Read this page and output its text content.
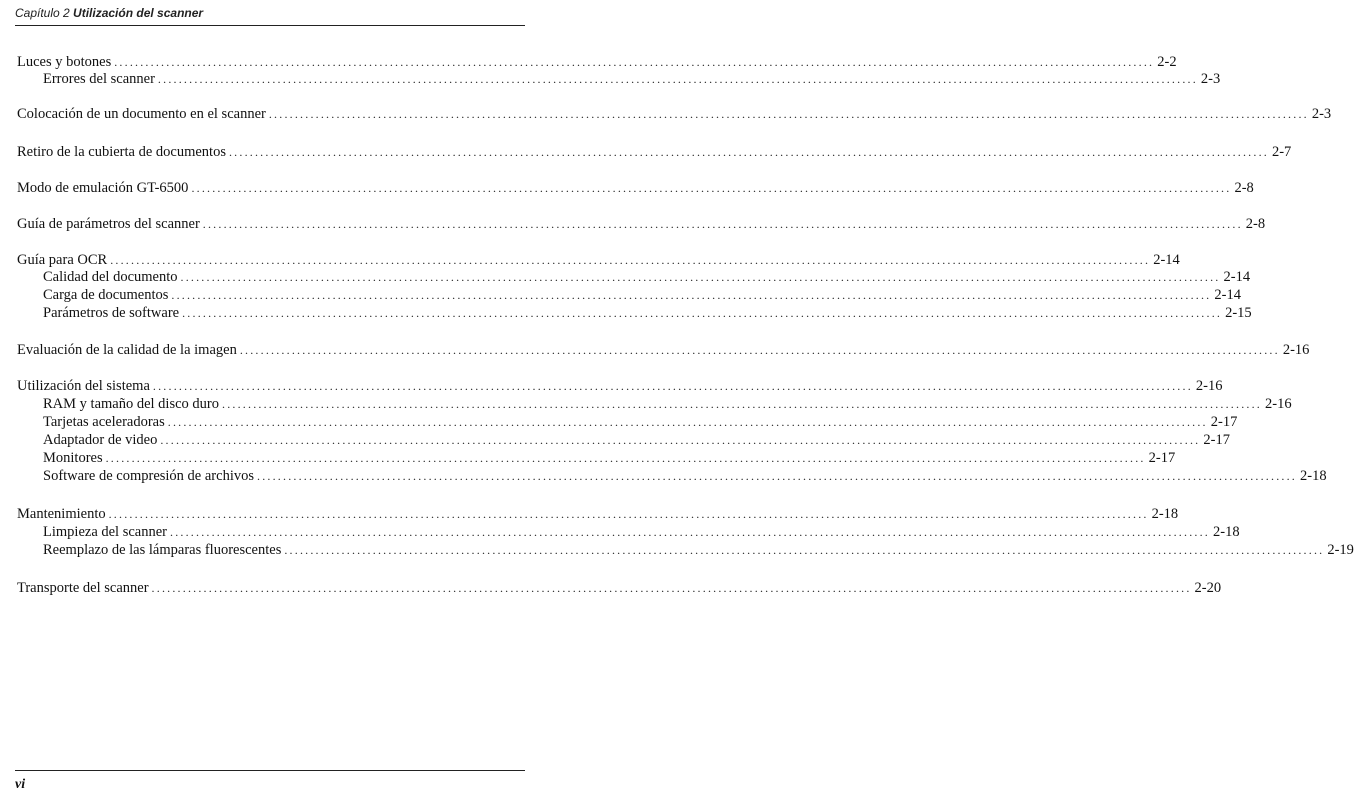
Capítulo 2 Utilización del scanner
Luces y botones ........................................................................................................................................................................................................ 2-2
Errores del scanner ........................................................................................................................................................................................................ 2-3
Colocación de un documento en el scanner ........................................................................................................................................................................................................ 2-3
Retiro de la cubierta de documentos ........................................................................................................................................................................................................ 2-7
Modo de emulación GT-6500 ........................................................................................................................................................................................................ 2-8
Guía de parámetros del scanner ........................................................................................................................................................................................................ 2-8
Guía para OCR ........................................................................................................................................................................................................ 2-14
Calidad del documento ........................................................................................................................................................................................................ 2-14
Carga de documentos ........................................................................................................................................................................................................ 2-14
Parámetros de software ........................................................................................................................................................................................................ 2-15
Evaluación de la calidad de la imagen ........................................................................................................................................................................................................ 2-16
Utilización del sistema ........................................................................................................................................................................................................ 2-16
RAM y tamaño del disco duro ........................................................................................................................................................................................................ 2-16
Tarjetas aceleradoras ........................................................................................................................................................................................................ 2-17
Adaptador de video ........................................................................................................................................................................................................ 2-17
Monitores ........................................................................................................................................................................................................ 2-17
Software de compresión de archivos ........................................................................................................................................................................................................ 2-18
Mantenimiento ........................................................................................................................................................................................................ 2-18
Limpieza del scanner ........................................................................................................................................................................................................ 2-18
Reemplazo de las lámparas fluorescentes ........................................................................................................................................................................................................ 2-19
Transporte del scanner ........................................................................................................................................................................................................ 2-20
vi
